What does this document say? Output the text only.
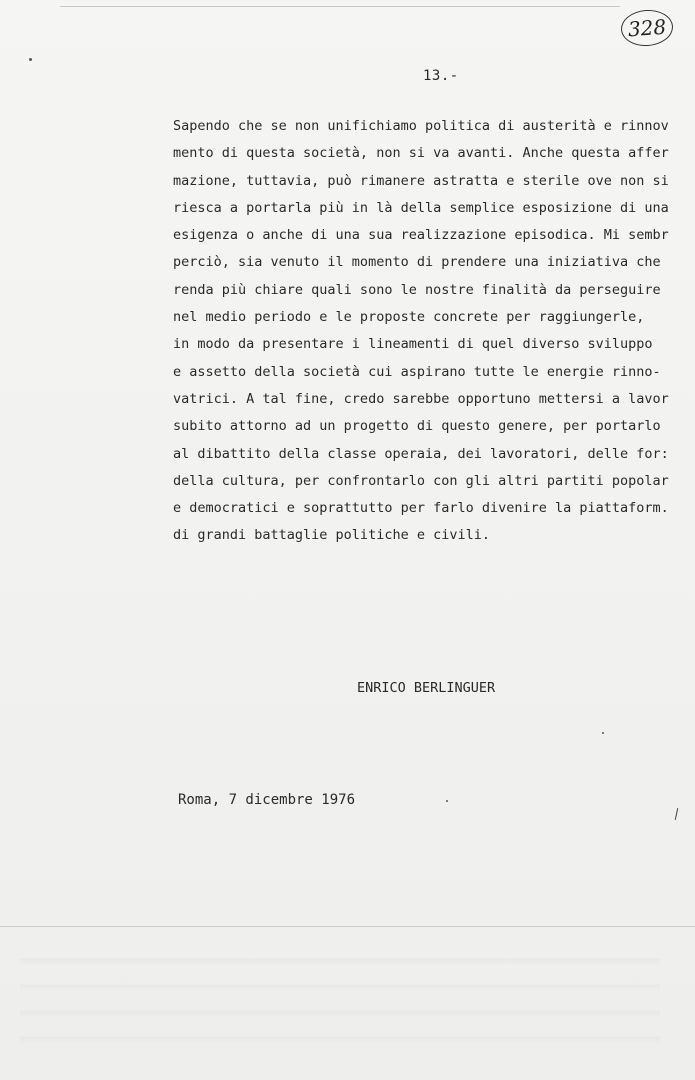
328
13.-
Sapendo che se non unifichiamo politica di austerità e rinnov
mento di questa società, non si va avanti. Anche questa affer
mazione, tuttavia, può rimanere astratta e sterile ove non si
riesca a portarla più in là della semplice esposizione di una
esigenza o anche di una sua realizzazione episodica. Mi sembr
perciò, sia venuto il momento di prendere una iniziativa che
renda più chiare quali sono le nostre finalità da perseguire
nel medio periodo e le proposte concrete per raggiungerle,
in modo da presentare i lineamenti di quel diverso sviluppo
e assetto della società cui aspirano tutte le energie rinno-
vatrici. A tal fine, credo sarebbe opportuno mettersi a lavor
subito attorno ad un progetto di questo genere, per portarlo
al dibattito della classe operaia, dei lavoratori, delle for:
della cultura, per confrontarlo con gli altri partiti popolar
e democratici e soprattutto per farlo divenire la piattaform.
di grandi battaglie politiche e civili.
ENRICO BERLINGUER
Roma, 7 dicembre 1976
